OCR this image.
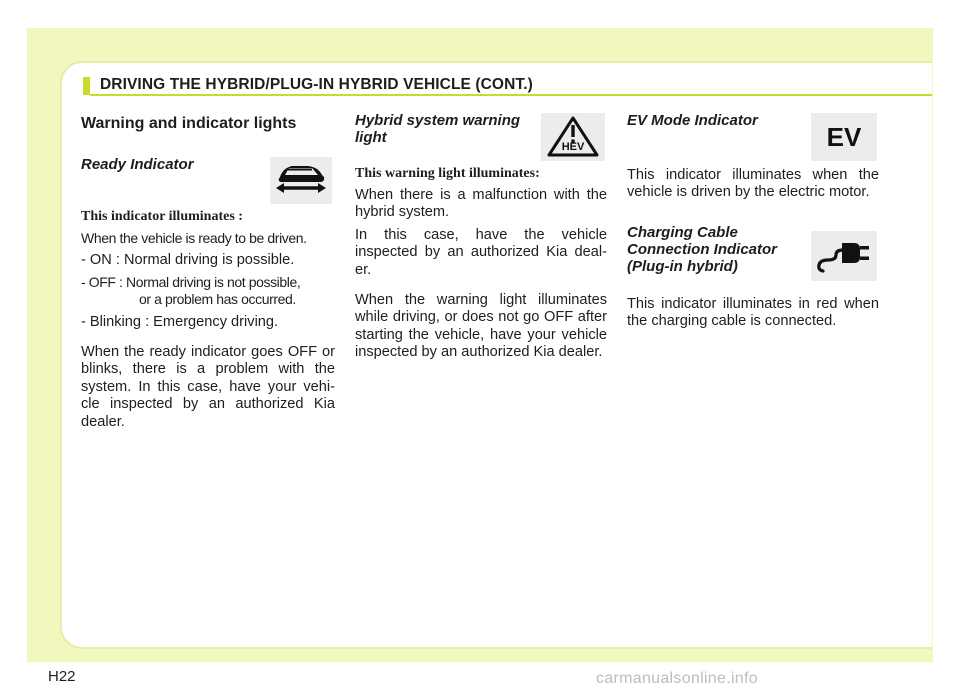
DRIVING THE HYBRID/PLUG-IN HYBRID VEHICLE (CONT.)
Warning and indicator lights
Ready Indicator
This indicator illuminates :
When the vehicle is ready to be driven.
- ON : Normal driving is possible.
- OFF : Normal driving is not possible,
or a problem has occurred.
- Blinking : Emergency driving.
When the ready indicator goes OFF or blinks, there is a problem with the system. In this case, have your vehi-cle inspected by an authorized Kia dealer.
Hybrid system warning light
This warning light illuminates:
When there is a malfunction with the hybrid system.
In this case, have the vehicle inspected by an authorized Kia deal-er.
When the warning light illuminates while driving, or does not go OFF after starting the vehicle, have your vehicle inspected by an authorized Kia dealer.
HEV
EV Mode Indicator
This indicator illuminates when the vehicle is driven by the electric motor.
Charging Cable
Connection Indicator
(Plug-in hybrid)
This indicator illuminates in red when the charging cable is connected.
EV
H22	carmanualsonline.info
